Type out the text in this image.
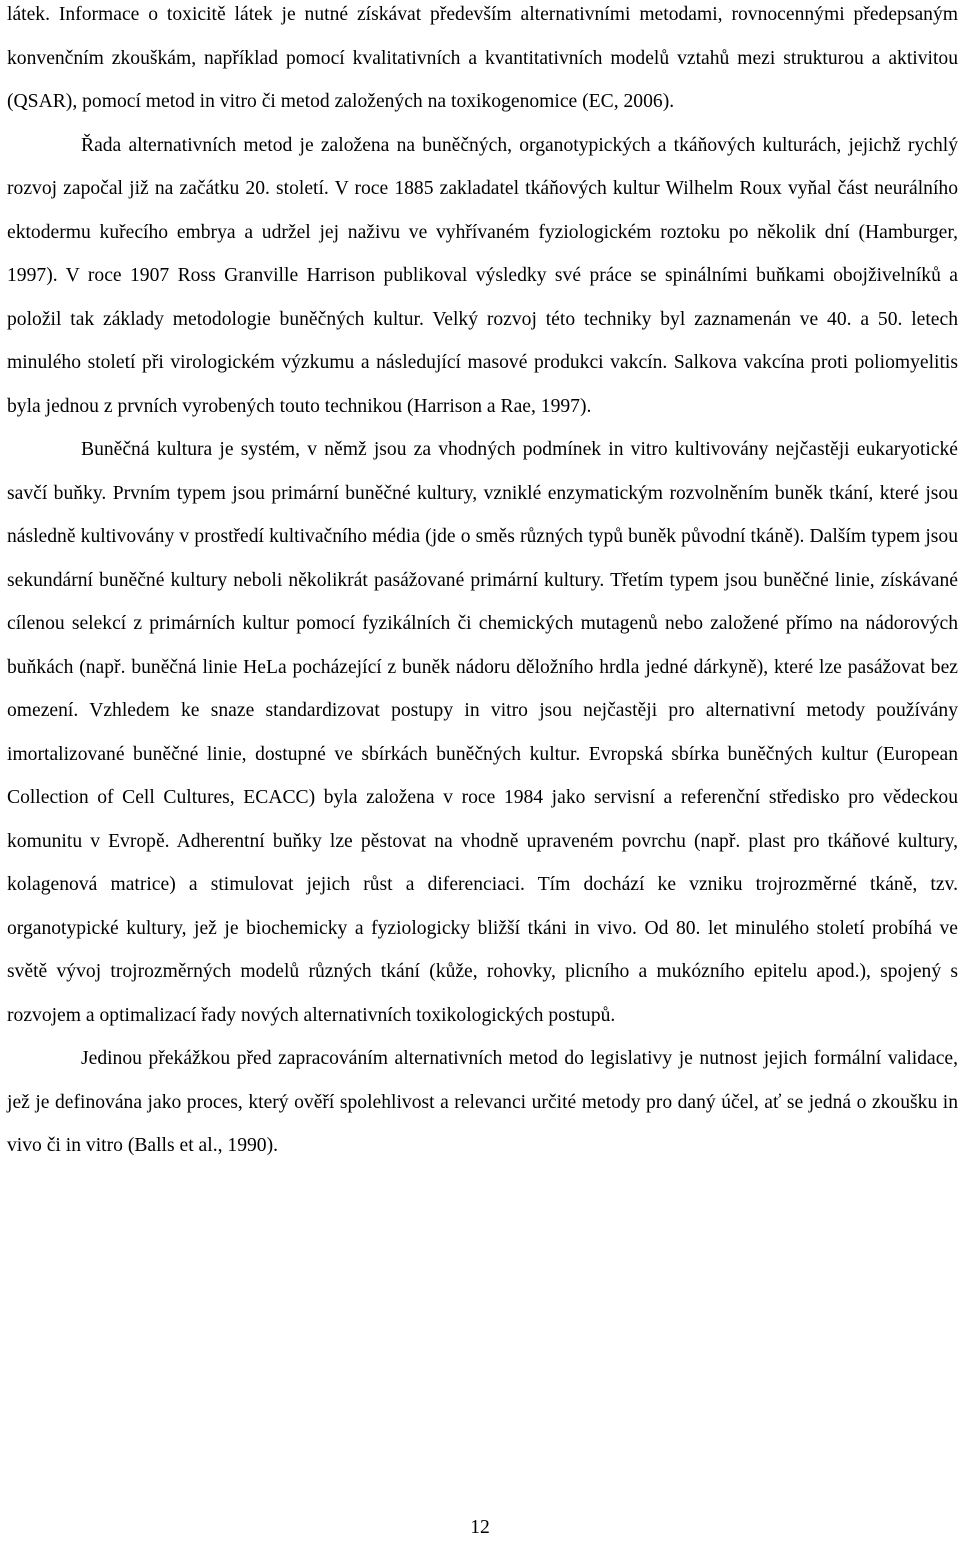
látek. Informace o toxicitě látek je nutné získávat především alternativními metodami, rovnocennými předepsaným konvenčním zkouškám, například pomocí kvalitativních a kvantitativních modelů vztahů mezi strukturou a aktivitou (QSAR), pomocí metod in vitro či metod založených na toxikogenomice (EC, 2006).

Řada alternativních metod je založena na buněčných, organotypických a tkáňových kulturách, jejichž rychlý rozvoj započal již na začátku 20. století. V roce 1885 zakladatel tkáňových kultur Wilhelm Roux vyňal část neurálního ektodermu kuřecího embrya a udržel jej naživu ve vyhřívaném fyziologickém roztoku po několik dní (Hamburger, 1997). V roce 1907 Ross Granville Harrison publikoval výsledky své práce se spinálními buňkami obojživelníků a položil tak základy metodologie buněčných kultur. Velký rozvoj této techniky byl zaznamenán ve 40. a 50. letech minulého století při virologickém výzkumu a následující masové produkci vakcín. Salkova vakcína proti poliomyelitis byla jednou z prvních vyrobených touto technikou (Harrison a Rae, 1997).

Buněčná kultura je systém, v němž jsou za vhodných podmínek in vitro kultivovány nejčastěji eukaryotické savčí buňky. Prvním typem jsou primární buněčné kultury, vzniklé enzymatickým rozvolněním buněk tkání, které jsou následně kultivovány v prostředí kultivačního média (jde o směs různých typů buněk původní tkáně). Dalším typem jsou sekundární buněčné kultury neboli několikrát pasážované primární kultury. Třetím typem jsou buněčné linie, získávané cílenou selekcí z primárních kultur pomocí fyzikálních či chemických mutagenů nebo založené přímo na nádorových buňkách (např. buněčná linie HeLa pocházející z buněk nádoru děložního hrdla jedné dárkyně), které lze pasážovat bez omezení. Vzhledem ke snaze standardizovat postupy in vitro jsou nejčastěji pro alternativní metody používány imortalizované buněčné linie, dostupné ve sbírkách buněčných kultur. Evropská sbírka buněčných kultur (European Collection of Cell Cultures, ECACC) byla založena v roce 1984 jako servisní a referenční středisko pro vědeckou komunitu v Evropě. Adherentní buňky lze pěstovat na vhodně upraveném povrchu (např. plast pro tkáňové kultury, kolagenová matrice) a stimulovat jejich růst a diferenciaci. Tím dochází ke vzniku trojrozměrné tkáně, tzv. organotypické kultury, jež je biochemicky a fyziologicky bližší tkáni in vivo. Od 80. let minulého století probíhá ve světě vývoj trojrozměrných modelů různých tkání (kůže, rohovky, plicního a mukózního epitelu apod.), spojený s rozvojem a optimalizací řady nových alternativních toxikologických postupů.

Jedinou překážkou před zapracováním alternativních metod do legislativy je nutnost jejich formální validace, jež je definována jako proces, který ověří spolehlivost a relevanci určité metody pro daný účel, ať se jedná o zkoušku in vivo či in vitro (Balls et al., 1990).

12
